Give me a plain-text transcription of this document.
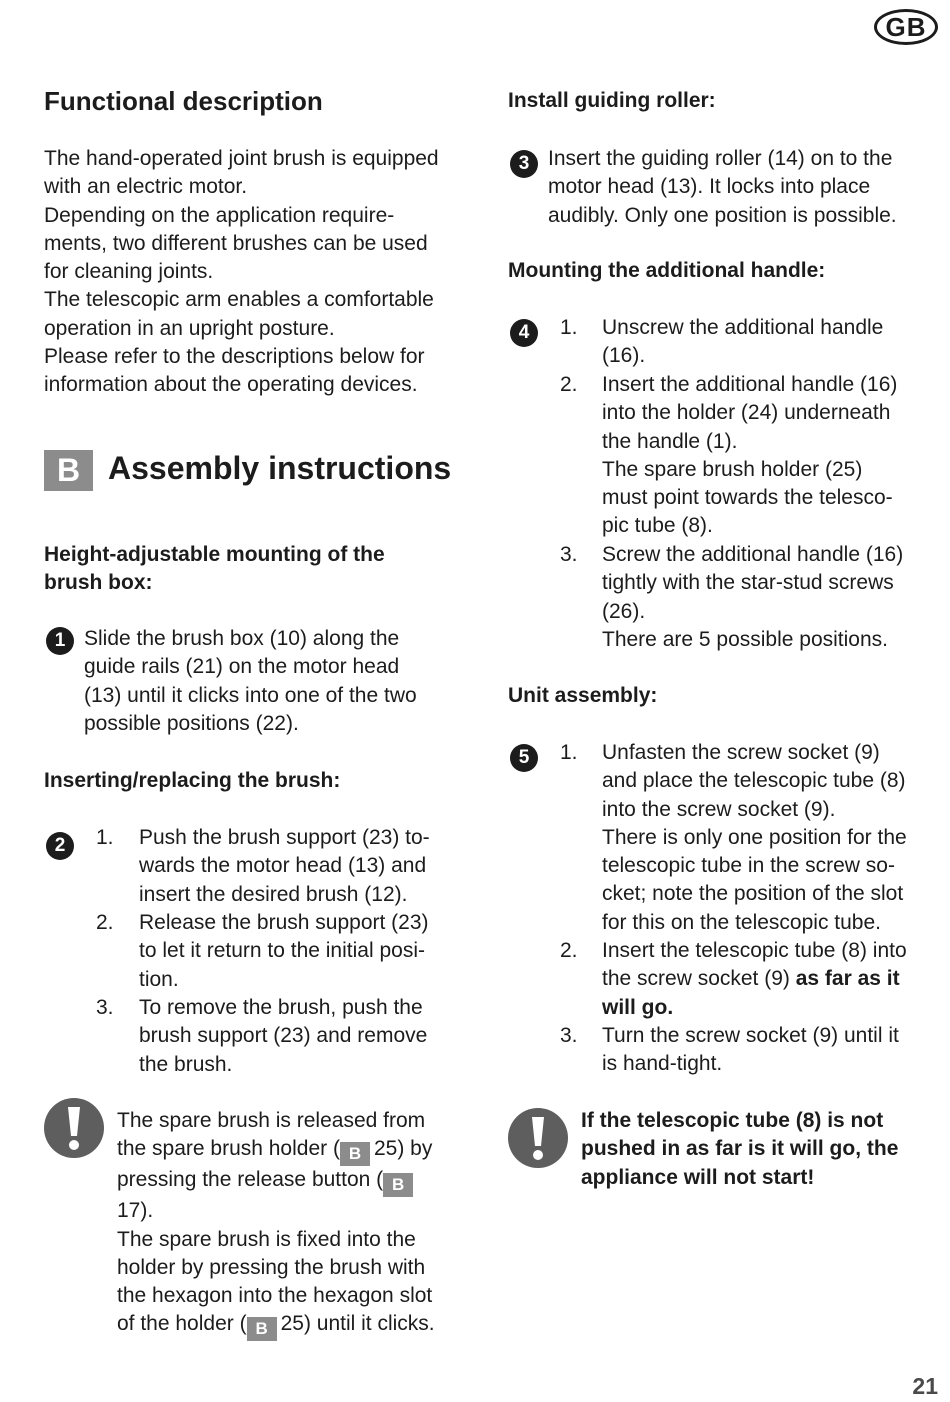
GB
Functional description
The hand-operated joint brush is equipped
with an electric motor.
Depending on the application require-
ments, two different brushes can be used
for cleaning joints.
The telescopic arm enables a comfortable
operation in an upright posture.
Please refer to the descriptions below for
information about the operating devices.
B Assembly instructions
Height-adjustable mounting of the
brush box:
1 Slide the brush box (10) along the
guide rails (21) on the motor head
(13) until it clicks into one of the two
possible positions (22).
Inserting/replacing the brush:
2	1. Push the brush support (23) to-
wards the motor head (13) and
insert the desired brush (12).
2. Release the brush support (23)
to let it return to the initial posi-
tion.
3. To remove the brush, push the
brush support (23) and remove
the brush.
The spare brush is released from
the spare brush holder ( B 25) by
pressing the release button ( B
17).
The spare brush is fixed into the
holder by pressing the brush with
the hexagon into the hexagon slot
of the holder ( B 25) until it clicks.
Install guiding roller:
3 Insert the guiding roller (14) on to the
motor head (13). It locks into place
audibly. Only one position is possible.
Mounting the additional handle:
4	1. Unscrew the additional handle
(16).
2. Insert the additional handle (16)
into the holder (24) underneath
the handle (1).
The spare brush holder (25)
must point towards the telesco-
pic tube (8).
3. Screw the additional handle (16)
tightly with the star-stud screws
(26).
There are 5 possible positions.
Unit assembly:
5	1. Unfasten the screw socket (9)
and place the telescopic tube (8)
into the screw socket (9).
There is only one position for the
telescopic tube in the screw so-
cket; note the position of the slot
for this on the telescopic tube.
2. Insert the telescopic tube (8) into
the screw socket (9) as far as it
will go.
3. Turn the screw socket (9) until it
is hand-tight.
If the telescopic tube (8) is not
pushed in as far is it will go, the
appliance will not start!
21
